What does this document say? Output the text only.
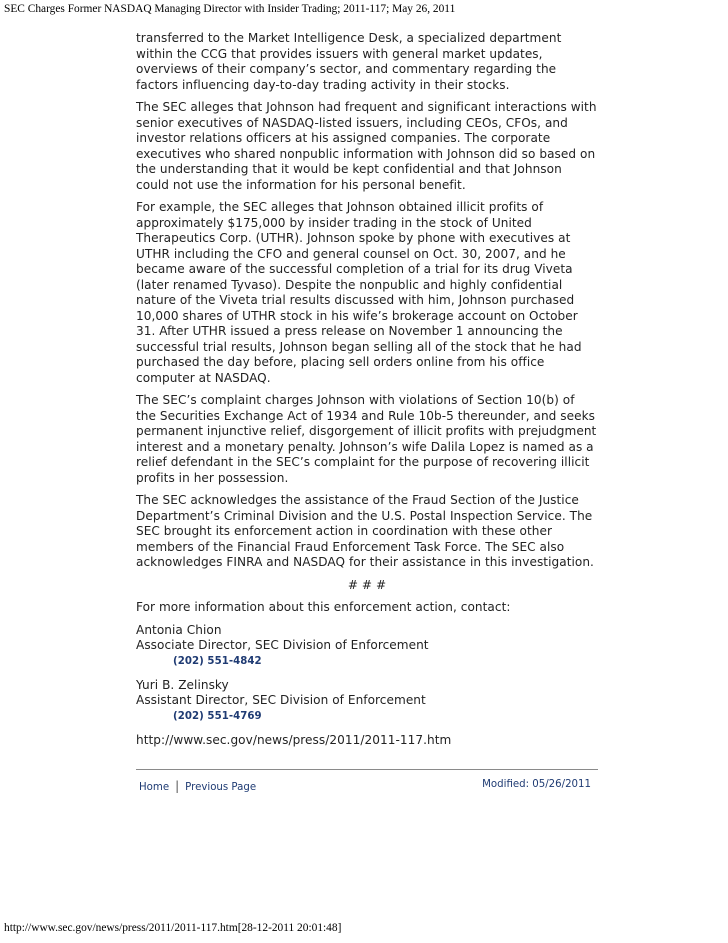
SEC Charges Former NASDAQ Managing Director with Insider Trading; 2011-117; May 26, 2011

transferred to the Market Intelligence Desk, a specialized department within the CCG that provides issuers with general market updates, overviews of their company’s sector, and commentary regarding the factors influencing day-to-day trading activity in their stocks.

The SEC alleges that Johnson had frequent and significant interactions with senior executives of NASDAQ-listed issuers, including CEOs, CFOs, and investor relations officers at his assigned companies. The corporate executives who shared nonpublic information with Johnson did so based on the understanding that it would be kept confidential and that Johnson could not use the information for his personal benefit.

For example, the SEC alleges that Johnson obtained illicit profits of approximately $175,000 by insider trading in the stock of United Therapeutics Corp. (UTHR). Johnson spoke by phone with executives at UTHR including the CFO and general counsel on Oct. 30, 2007, and he became aware of the successful completion of a trial for its drug Viveta (later renamed Tyvaso). Despite the nonpublic and highly confidential nature of the Viveta trial results discussed with him, Johnson purchased 10,000 shares of UTHR stock in his wife’s brokerage account on October 31. After UTHR issued a press release on November 1 announcing the successful trial results, Johnson began selling all of the stock that he had purchased the day before, placing sell orders online from his office computer at NASDAQ.

The SEC’s complaint charges Johnson with violations of Section 10(b) of the Securities Exchange Act of 1934 and Rule 10b-5 thereunder, and seeks permanent injunctive relief, disgorgement of illicit profits with prejudgment interest and a monetary penalty. Johnson’s wife Dalila Lopez is named as a relief defendant in the SEC’s complaint for the purpose of recovering illicit profits in her possession.

The SEC acknowledges the assistance of the Fraud Section of the Justice Department’s Criminal Division and the U.S. Postal Inspection Service. The SEC brought its enforcement action in coordination with these other members of the Financial Fraud Enforcement Task Force. The SEC also acknowledges FINRA and NASDAQ for their assistance in this investigation.

# # #

For more information about this enforcement action, contact:

Antonia Chion
Associate Director, SEC Division of Enforcement
(202) 551-4842
Yuri B. Zelinsky
Assistant Director, SEC Division of Enforcement
(202) 551-4769

http://www.sec.gov/news/press/2011/2011-117.htm

Home | Previous Page	Modified: 05/26/2011
http://www.sec.gov/news/press/2011/2011-117.htm[28-12-2011 20:01:48]
